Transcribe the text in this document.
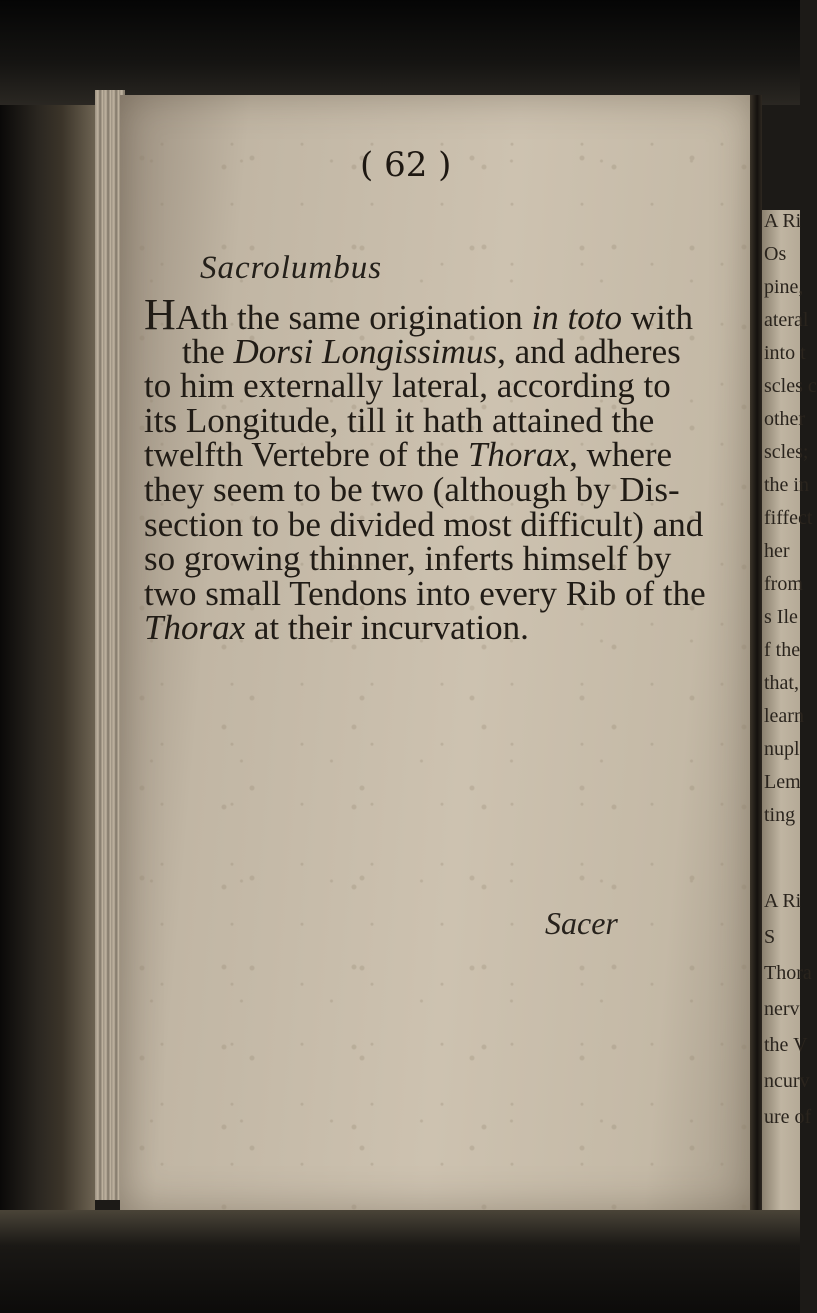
( 62 )
Sacrolumbus
HAth the same origination in toto with
the Dorsi Longissimus, and adheres
to him externally lateral, according to
its Longitude, till it hath attained the
twelfth Vertebre of the Thorax, where
they seem to be two (although by Dis-
section to be divided most difficult) and
so growing thinner, inferts himself by
two small Tendons into every Rib of the
Thorax at their incurvation.
Sacer
A Ri
Os
pine,
ateral
into t
scles c
other
scles;
the in
fiffect
her
from
s Ile
f the
that,
learn
nupl
Lem
ting
A Ri
S
Thora
nerv
the V
ncurv
ure of
